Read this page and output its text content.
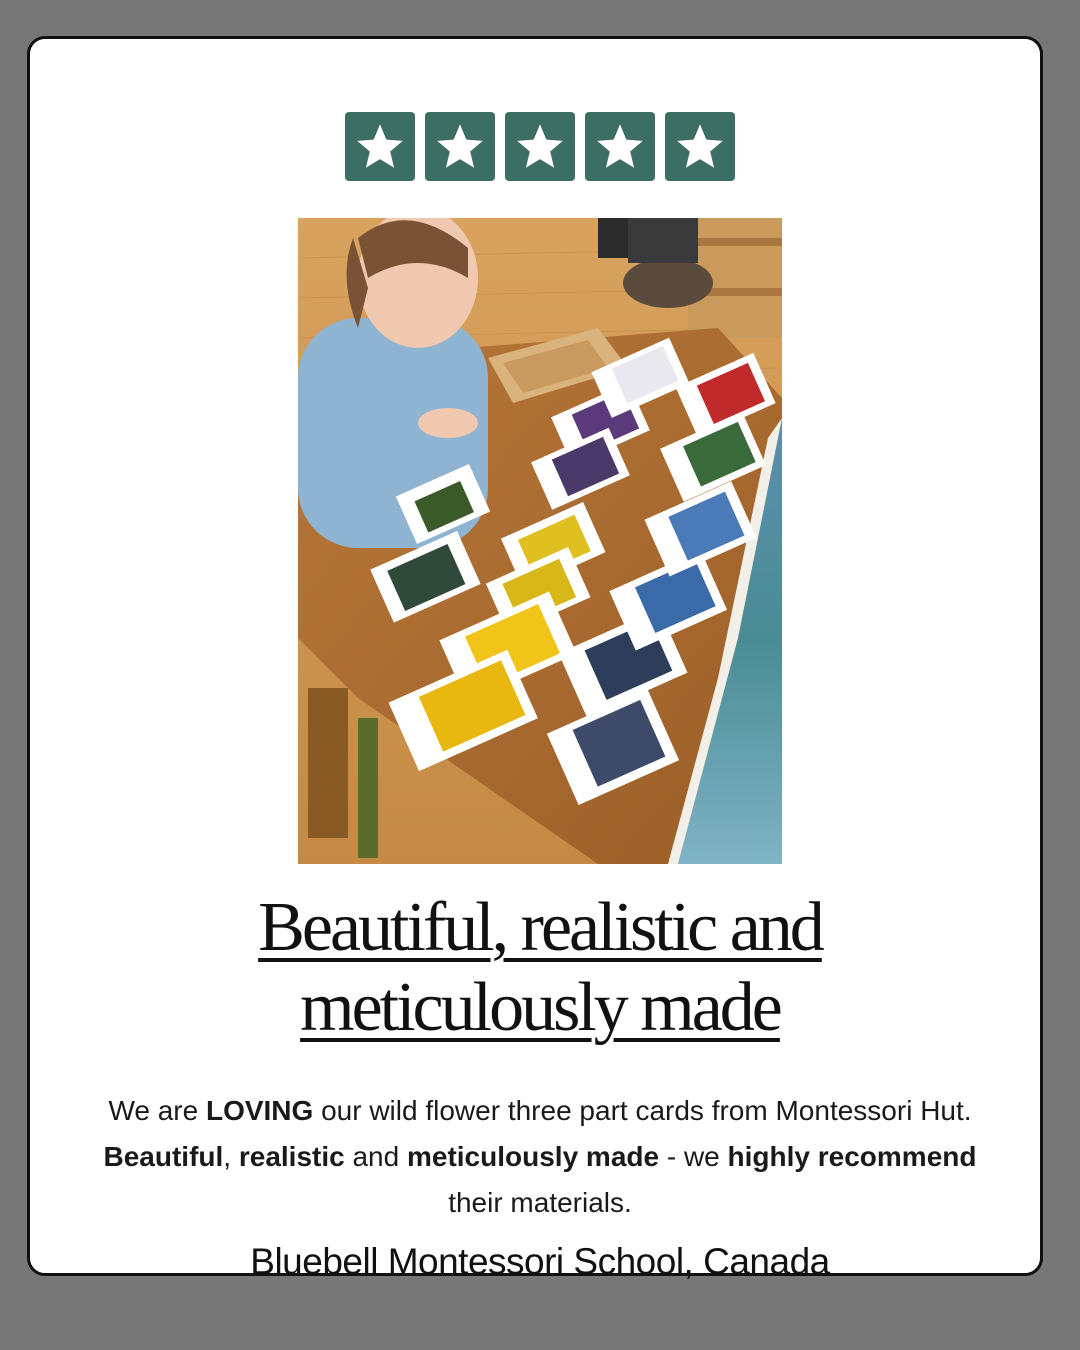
Beautiful, realistic and
meticulously made

We are LOVING our wild flower three part cards from Montessori Hut. Beautiful, realistic and meticulously made - we highly recommend their materials.

Bluebell Montessori School, Canada
